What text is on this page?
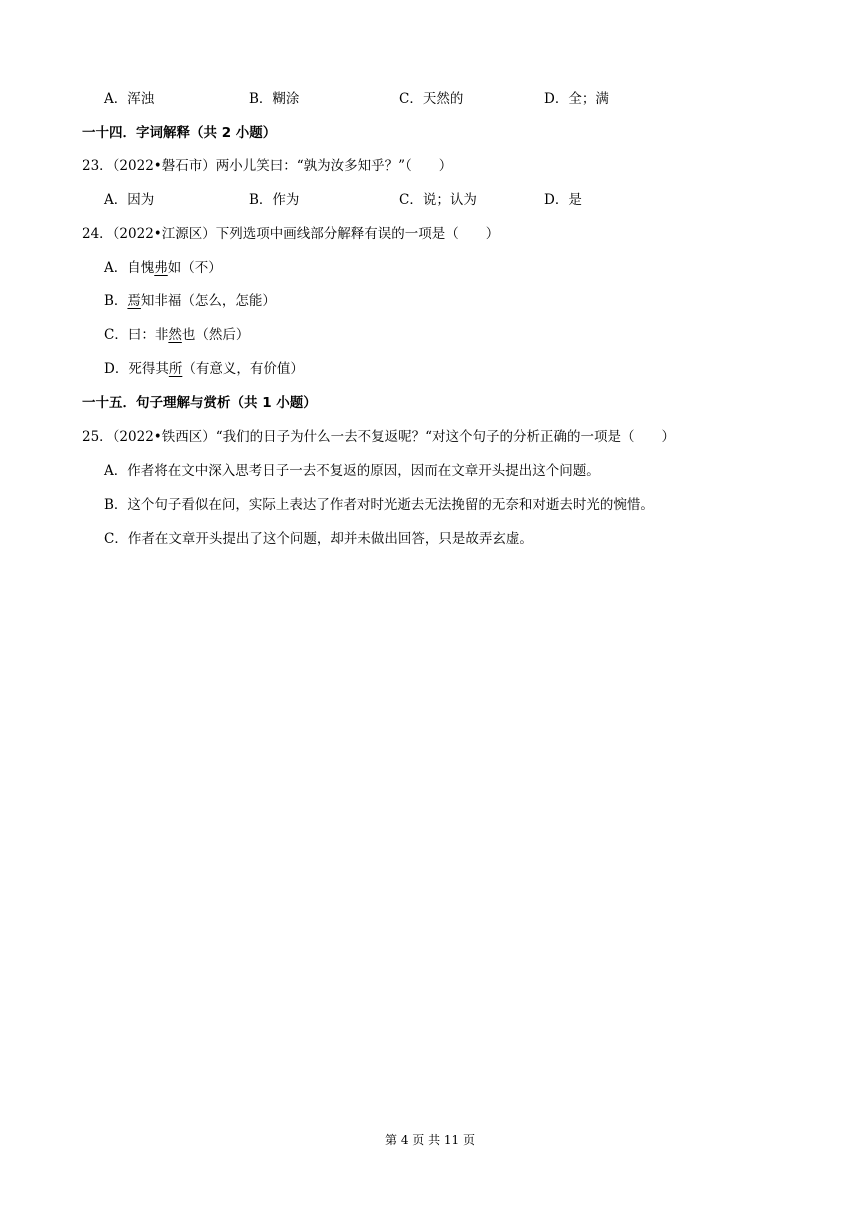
A．浑浊	B．糊涂	C．天然的	D．全；满
一十四．字词解释（共 2 小题）
23．（2022•磐石市）两小儿笑曰：“孰为汝多知乎？”（　　）
A．因为	B．作为	C．说；认为	D．是
24．（2022•江源区）下列选项中画线部分解释有误的一项是（　　）
A．自愧弗如（不）
B．焉知非福（怎么，怎能）
C．曰：非然也（然后）
D．死得其所（有意义，有价值）
一十五．句子理解与赏析（共 1 小题）
25．（2022•铁西区）“我们的日子为什么一去不复返呢？“对这个句子的分析正确的一项是（　　）
A．作者将在文中深入思考日子一去不复返的原因，因而在文章开头提出这个问题。
B．这个句子看似在问，实际上表达了作者对时光逝去无法挽留的无奈和对逝去时光的惋惜。
C．作者在文章开头提出了这个问题，却并未做出回答，只是故弄玄虚。
第 4 页 共 11 页
